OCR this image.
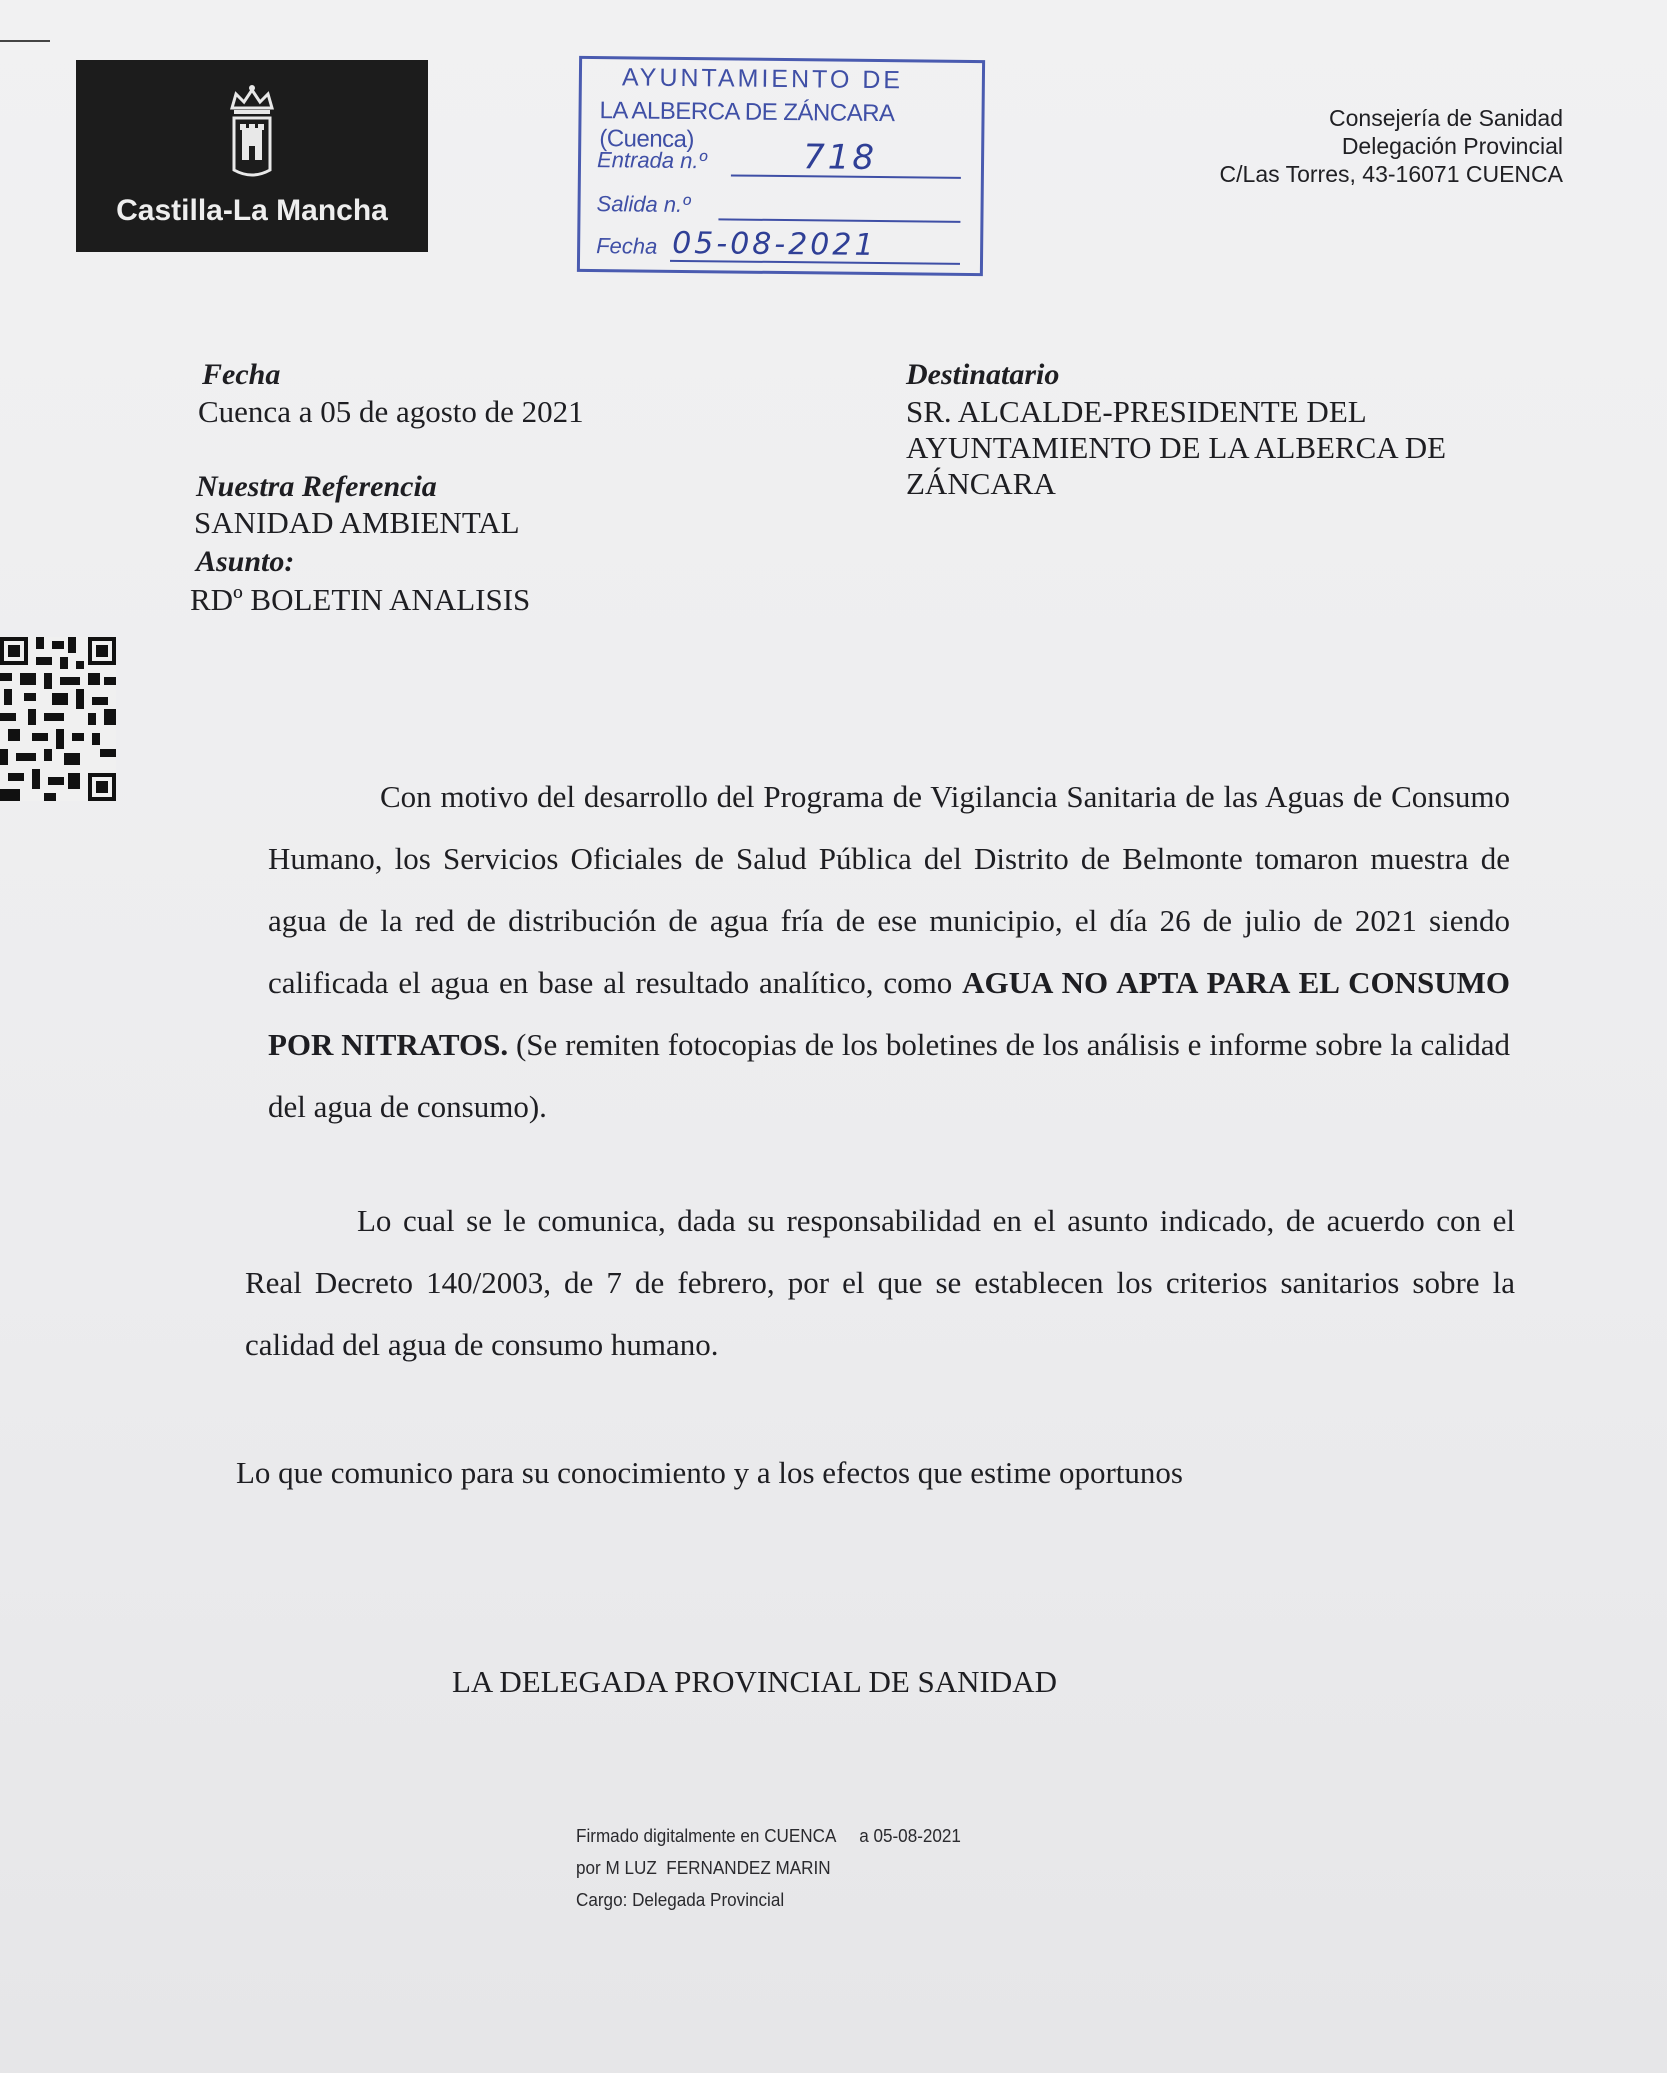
Castilla-La Mancha
AYUNTAMIENTO DE
LA ALBERCA DE ZÁNCARA (Cuenca)
Entrada n.º	718
Salida n.º
Fecha 05-08-2021
Consejería de Sanidad
Delegación Provincial
C/Las Torres, 43-16071 CUENCA
Fecha
Cuenca a 05 de agosto de 2021
Nuestra Referencia
SANIDAD AMBIENTAL
Asunto:
RDº BOLETIN ANALISIS
Destinatario
SR. ALCALDE-PRESIDENTE DEL
AYUNTAMIENTO DE LA ALBERCA DE
ZÁNCARA
Con motivo del desarrollo del Programa de Vigilancia Sanitaria de las Aguas de Consumo Humano, los Servicios Oficiales de Salud Pública del Distrito de Belmonte tomaron muestra de agua de la red de distribución de agua fría de ese municipio, el día 26 de julio de 2021 siendo calificada el agua en base al resultado analítico, como AGUA NO APTA PARA EL CONSUMO POR NITRATOS. (Se remiten fotocopias de los boletines de los análisis e informe sobre la calidad del agua de consumo).
Lo cual se le comunica, dada su responsabilidad en el asunto indicado, de acuerdo con el Real Decreto 140/2003, de 7 de febrero, por el que se establecen los criterios sanitarios sobre la calidad del agua de consumo humano.
Lo que comunico para su conocimiento y a los efectos que estime oportunos
LA DELEGADA PROVINCIAL DE SANIDAD
Firmado digitalmente en CUENCA     a 05-08-2021
por M LUZ  FERNANDEZ MARIN
Cargo: Delegada Provincial
